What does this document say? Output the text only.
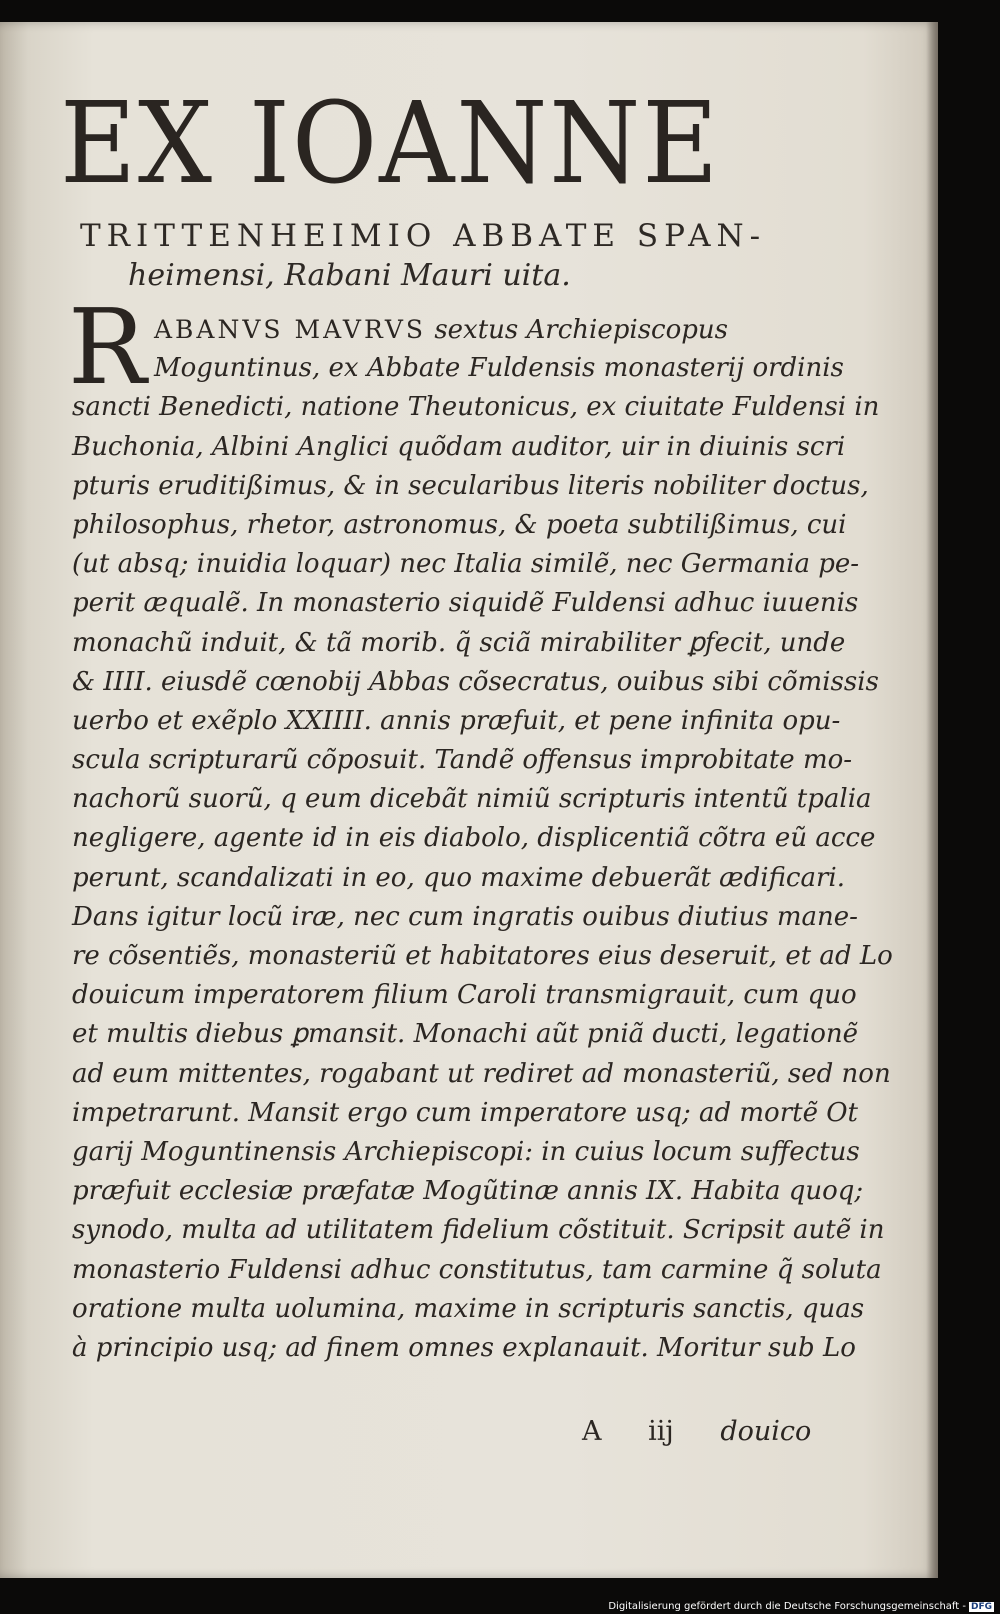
EX IOANNE
TRITTENHEIMIO ABBATE SPAN-
heimensi, Rabani Mauri uita.
R ABANVS MAVRVS sextus Archiepiscopus
Moguntinus, ex Abbate Fuldensis monasterij ordinis
sancti Benedicti, natione Theutonicus, ex ciuitate Fuldensi in
Buchonia, Albini Anglici quõdam auditor, uir in diuinis scri
pturis eruditißimus, & in secularibus literis nobiliter doctus,
philosophus, rhetor, astronomus, & poeta subtilißimus, cui
(ut absq; inuidia loquar) nec Italia similẽ, nec Germania pe-
perit æqualẽ. In monasterio siquidẽ Fuldensi adhuc iuuenis
monachũ induit, & tã morib. q̃ sciã mirabiliter ꝑfecit, unde
& IIII. eiusdẽ cœnobij Abbas cõsecratus, ouibus sibi cõmissis
uerbo et exẽplo XXIIII. annis præfuit, et pene infinita opu-
scula scripturarũ cõposuit. Tandẽ offensus improbitate mo-
nachorũ suorũ, q eum dicebãt nimiũ scripturis intentũ tpalia
negligere, agente id in eis diabolo, displicentiã cõtra eũ acce
perunt, scandalizati in eo, quo maxime debuerãt ædificari.
Dans igitur locũ iræ, nec cum ingratis ouibus diutius mane-
re cõsentiẽs, monasteriũ et habitatores eius deseruit, et ad Lo
douicum imperatorem filium Caroli transmigrauit, cum quo
et multis diebus ꝑmansit. Monachi aũt pniã ducti, legationẽ
ad eum mittentes, rogabant ut rediret ad monasteriũ, sed non
impetrarunt. Mansit ergo cum imperatore usq; ad mortẽ Ot
garij Moguntinensis Archiepiscopi: in cuius locum suffectus
præfuit ecclesiæ præfatæ Mogũtinæ annis IX. Habita quoq;
synodo, multa ad utilitatem fidelium cõstituit. Scripsit autẽ in
monasterio Fuldensi adhuc constitutus, tam carmine q̃ soluta
oratione multa uolumina, maxime in scripturis sanctis, quas
à principio usq; ad finem omnes explanauit. Moritur sub Lo
A iij douico
Digitalisierung gefördert durch die Deutsche Forschungsgemeinschaft - DFG
